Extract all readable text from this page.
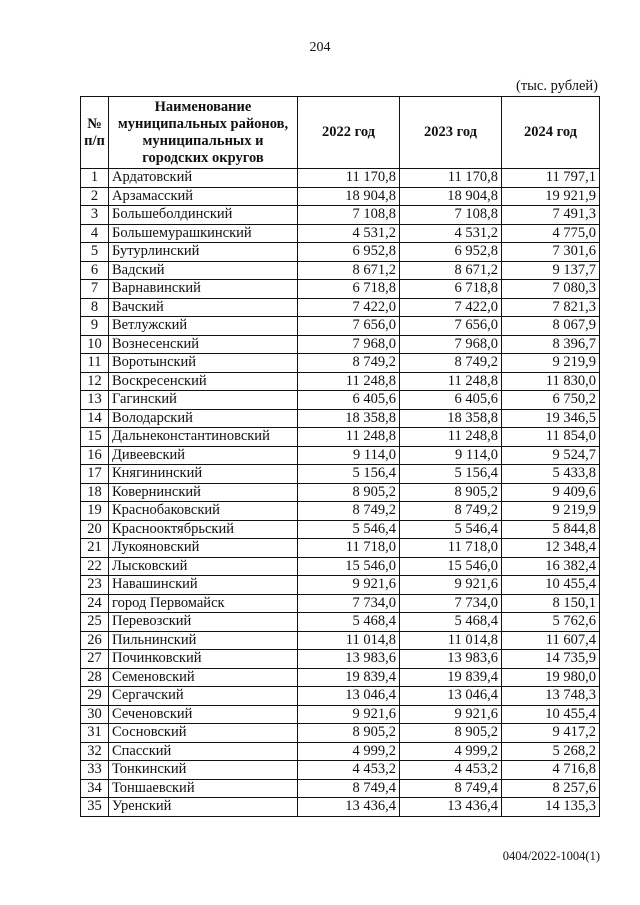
204
(тыс. рублей)
№ п/п	Наименование муниципальных районов, муниципальных и городских округов	2022 год	2023 год	2024 год
1	Ардатовский	11 170,8	11 170,8	11 797,1
2	Арзамасский	18 904,8	18 904,8	19 921,9
3	Большеболдинский	7 108,8	7 108,8	7 491,3
4	Большемурашкинский	4 531,2	4 531,2	4 775,0
5	Бутурлинский	6 952,8	6 952,8	7 301,6
6	Вадский	8 671,2	8 671,2	9 137,7
7	Варнавинский	6 718,8	6 718,8	7 080,3
8	Вачский	7 422,0	7 422,0	7 821,3
9	Ветлужский	7 656,0	7 656,0	8 067,9
10	Вознесенский	7 968,0	7 968,0	8 396,7
11	Воротынский	8 749,2	8 749,2	9 219,9
12	Воскресенский	11 248,8	11 248,8	11 830,0
13	Гагинский	6 405,6	6 405,6	6 750,2
14	Володарский	18 358,8	18 358,8	19 346,5
15	Дальнеконстантиновский	11 248,8	11 248,8	11 854,0
16	Дивеевский	9 114,0	9 114,0	9 524,7
17	Княгининский	5 156,4	5 156,4	5 433,8
18	Ковернинский	8 905,2	8 905,2	9 409,6
19	Краснобаковский	8 749,2	8 749,2	9 219,9
20	Краснооктябрьский	5 546,4	5 546,4	5 844,8
21	Лукояновский	11 718,0	11 718,0	12 348,4
22	Лысковский	15 546,0	15 546,0	16 382,4
23	Навашинский	9 921,6	9 921,6	10 455,4
24	город Первомайск	7 734,0	7 734,0	8 150,1
25	Перевозский	5 468,4	5 468,4	5 762,6
26	Пильнинский	11 014,8	11 014,8	11 607,4
27	Починковский	13 983,6	13 983,6	14 735,9
28	Семеновский	19 839,4	19 839,4	19 980,0
29	Сергачский	13 046,4	13 046,4	13 748,3
30	Сеченовский	9 921,6	9 921,6	10 455,4
31	Сосновский	8 905,2	8 905,2	9 417,2
32	Спасский	4 999,2	4 999,2	5 268,2
33	Тонкинский	4 453,2	4 453,2	4 716,8
34	Тоншаевский	8 749,4	8 749,4	8 257,6
35	Уренский	13 436,4	13 436,4	14 135,3
0404/2022-1004(1)
